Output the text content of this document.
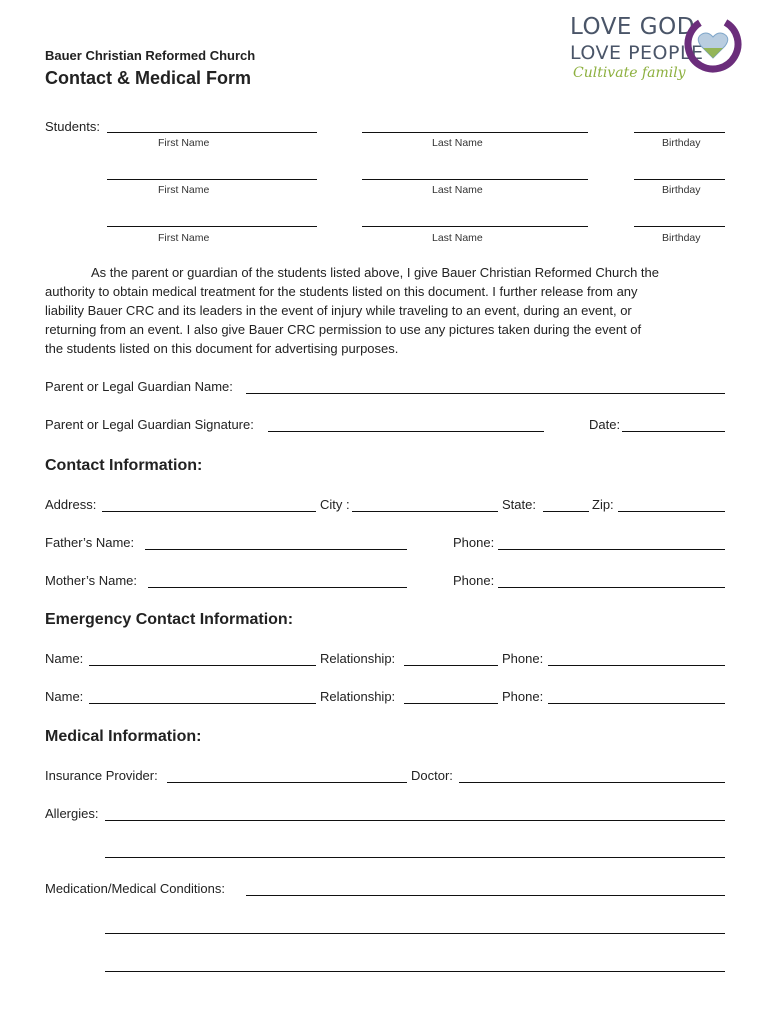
Bauer Christian Reformed Church
Contact & Medical Form
LOVE GOD
LOVE PEOPLE
Cultivate family
Students:
First Name	Last Name	Birthday
First Name	Last Name	Birthday
First Name	Last Name	Birthday
As the parent or guardian of the students listed above, I give Bauer Christian Reformed Church the
authority to obtain medical treatment for the students listed on this document. I further release from any
liability Bauer CRC and its leaders in the event of injury while traveling to an event, during an event, or
returning from an event. I also give Bauer CRC permission to use any pictures taken during the event of
the students listed on this document for advertising purposes.
Parent or Legal Guardian Name:
Parent or Legal Guardian Signature:	Date:
Contact Information:
Address:	City :	State:	Zip:
Father’s Name:	Phone:
Mother’s Name:	Phone:
Emergency Contact Information:
Name:	Relationship:	Phone:
Name:	Relationship:	Phone:
Medical Information:
Insurance Provider:	Doctor:
Allergies:
Medication/Medical Conditions:
